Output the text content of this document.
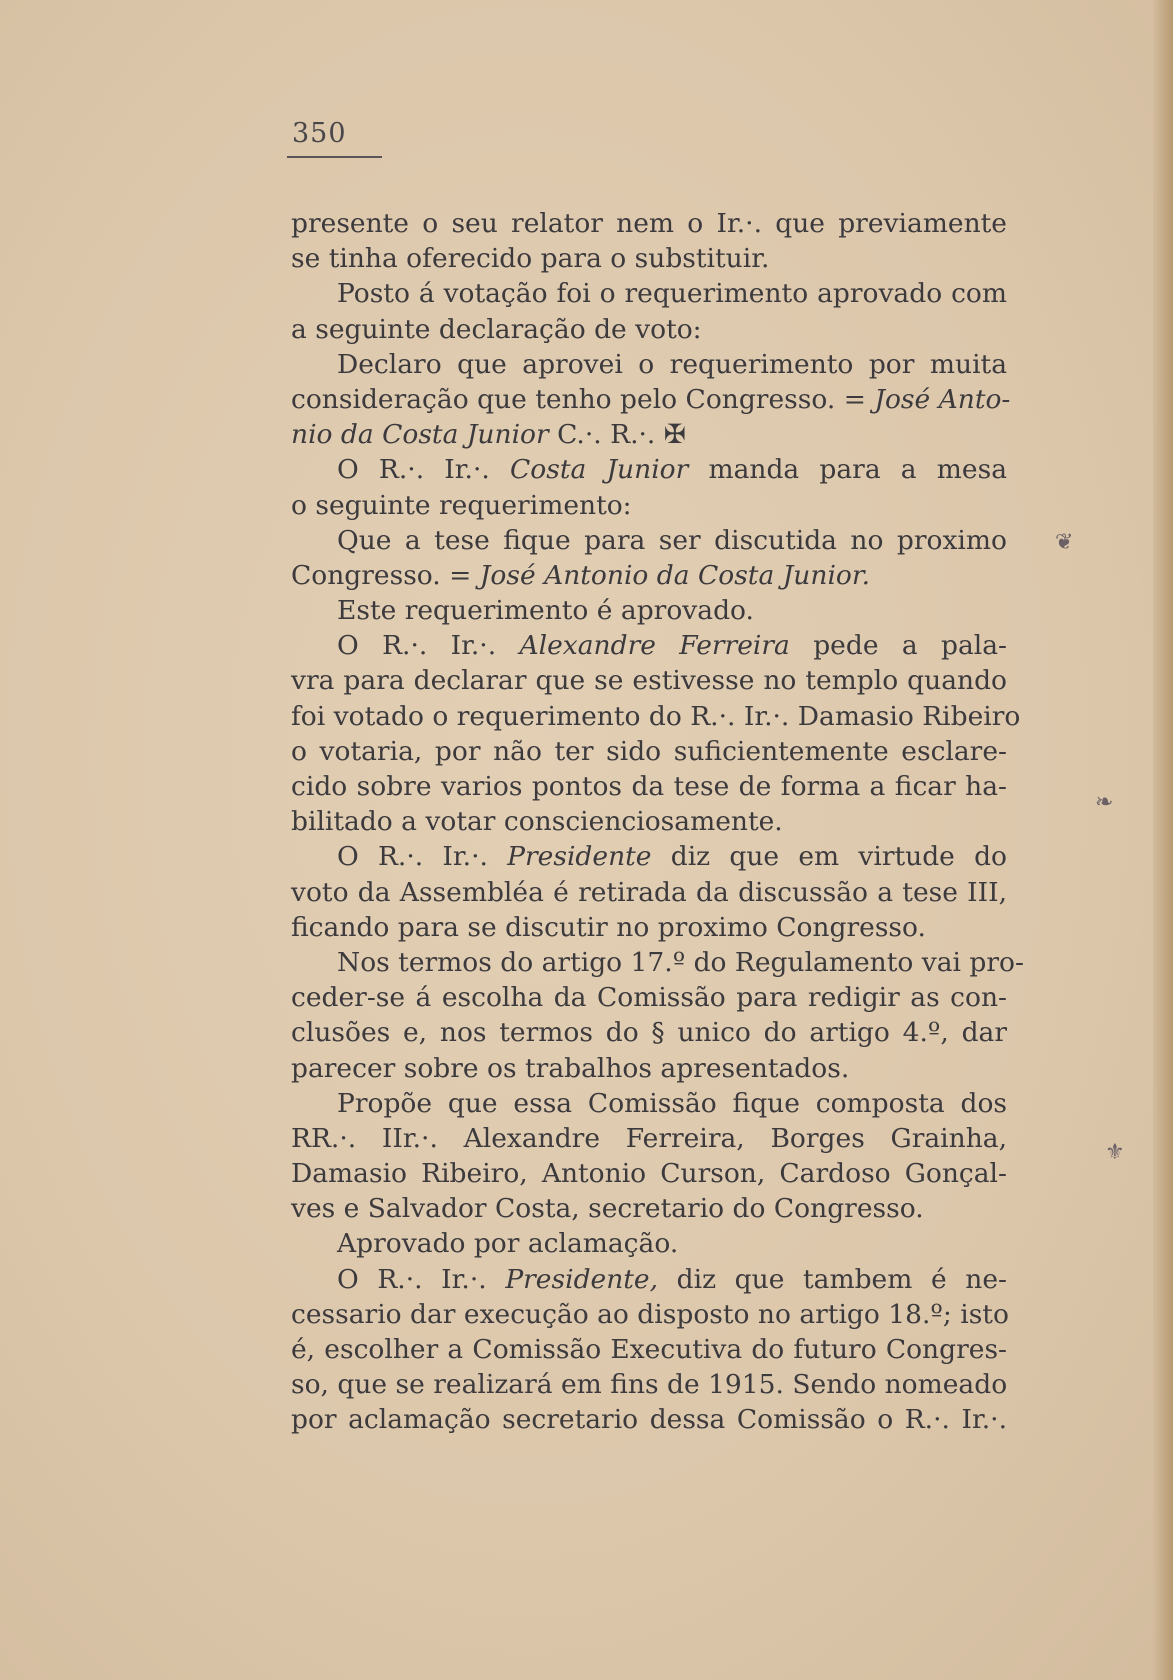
350
presente o seu relator nem o Ir.·. que previamente
se tinha oferecido para o substituir.
Posto á votação foi o requerimento aprovado com
a seguinte declaração de voto:
Declaro que aprovei o requerimento por muita
consideração que tenho pelo Congresso. = José Anto-
nio da Costa Junior C.·. R.·. ✠
O R.·. Ir.·. Costa Junior manda para a mesa
o seguinte requerimento:
Que a tese fique para ser discutida no proximo
Congresso. = José Antonio da Costa Junior.
Este requerimento é aprovado.
O R.·. Ir.·. Alexandre Ferreira pede a pala-
vra para declarar que se estivesse no templo quando
foi votado o requerimento do R.·. Ir.·. Damasio Ribeiro
o votaria, por não ter sido suficientemente esclare-
cido sobre varios pontos da tese de forma a ficar ha-
bilitado a votar conscienciosamente.
O R.·. Ir.·. Presidente diz que em virtude do
voto da Assembléa é retirada da discussão a tese III,
ficando para se discutir no proximo Congresso.
Nos termos do artigo 17.º do Regulamento vai pro-
ceder-se á escolha da Comissão para redigir as con-
clusões e, nos termos do § unico do artigo 4.º, dar
parecer sobre os trabalhos apresentados.
Propõe que essa Comissão fique composta dos
RR.·. IIr.·. Alexandre Ferreira, Borges Grainha,
Damasio Ribeiro, Antonio Curson, Cardoso Gonçal-
ves e Salvador Costa, secretario do Congresso.
Aprovado por aclamação.
O R.·. Ir.·. Presidente, diz que tambem é ne-
cessario dar execução ao disposto no artigo 18.º; isto
é, escolher a Comissão Executiva do futuro Congres-
so, que se realizará em fins de 1915. Sendo nomeado
por aclamação secretario dessa Comissão o R.·. Ir.·.
❦
❧
⚜
